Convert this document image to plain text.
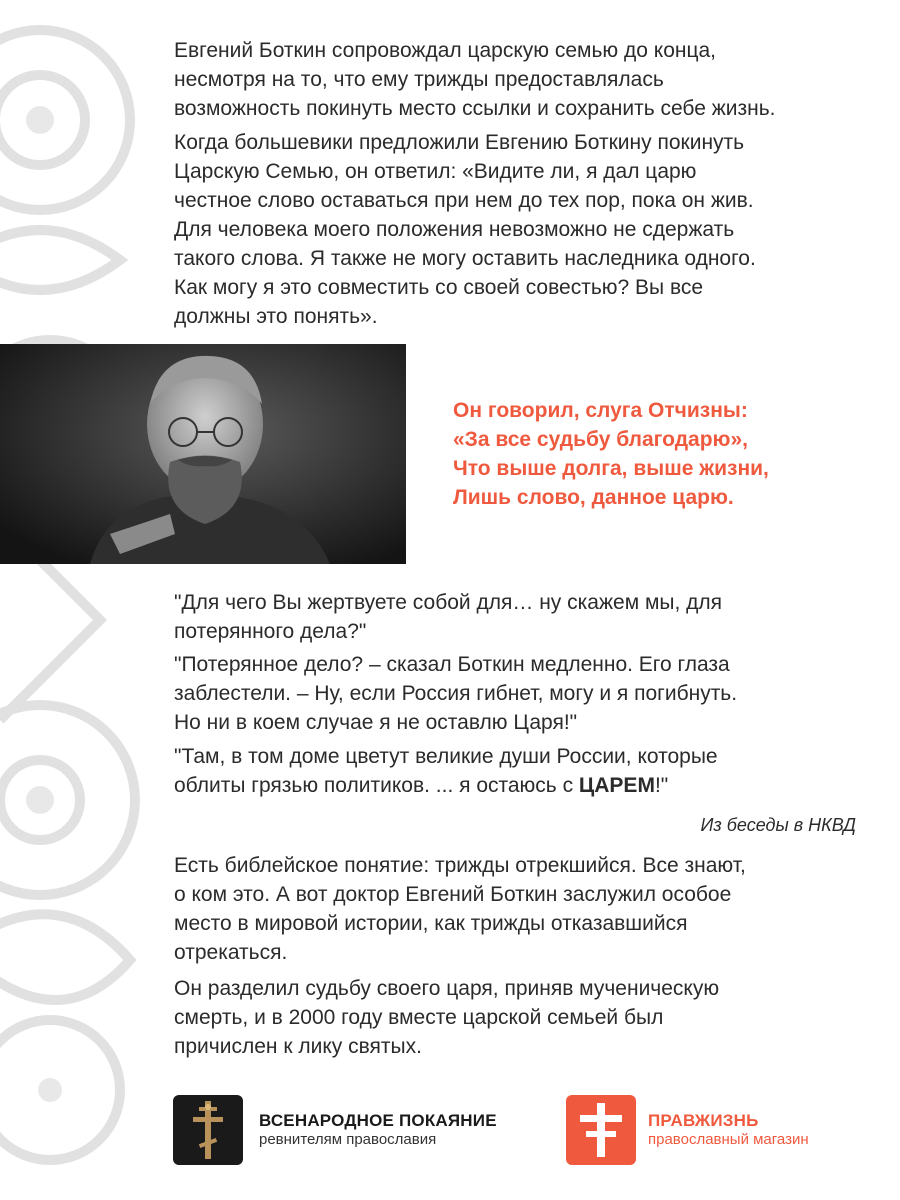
Евгений Боткин сопровождал царскую семью до конца,
несмотря на то, что ему трижды предоставлялась
возможность покинуть место ссылки и сохранить себе жизнь.

Когда большевики предложили Евгению Боткину покинуть
Царскую Семью, он ответил: «Видите ли, я дал царю
честное слово оставаться при нем до тех пор, пока он жив.
Для человека моего положения невозможно не сдержать
такого слова. Я также не могу оставить наследника одного.
Как могу я это совместить со своей совестью? Вы все
должны это понять».

Он говорил, слуга Отчизны:
«За все судьбу благодарю»,
Что выше долга, выше жизни,
Лишь слово, данное царю.

"Для чего Вы жертвуете собой для… ну скажем мы, для
потерянного дела?"

"Потерянное дело? – сказал Боткин медленно. Его глаза
заблестели. – Ну, если Россия гибнет, могу и я погибнуть.
Но ни в коем случае я не оставлю Царя!"

"Там, в том доме цветут великие души России, которые
облиты грязью политиков. ... я остаюсь с ЦАРЕМ!"

Из беседы в НКВД

Есть библейское понятие: трижды отрекшийся. Все знают,
о ком это. А вот доктор Евгений Боткин заслужил особое
место в мировой истории, как трижды отказавшийся
отрекаться.

Он разделил судьбу своего царя, приняв мученическую
смерть, и в 2000 году вместе царской семьей был
причислен к лику святых.

ВСЕНАРОДНОЕ ПОКАЯНИЕ
ревнителям православия
ПРАВЖИЗНЬ
православный магазин
